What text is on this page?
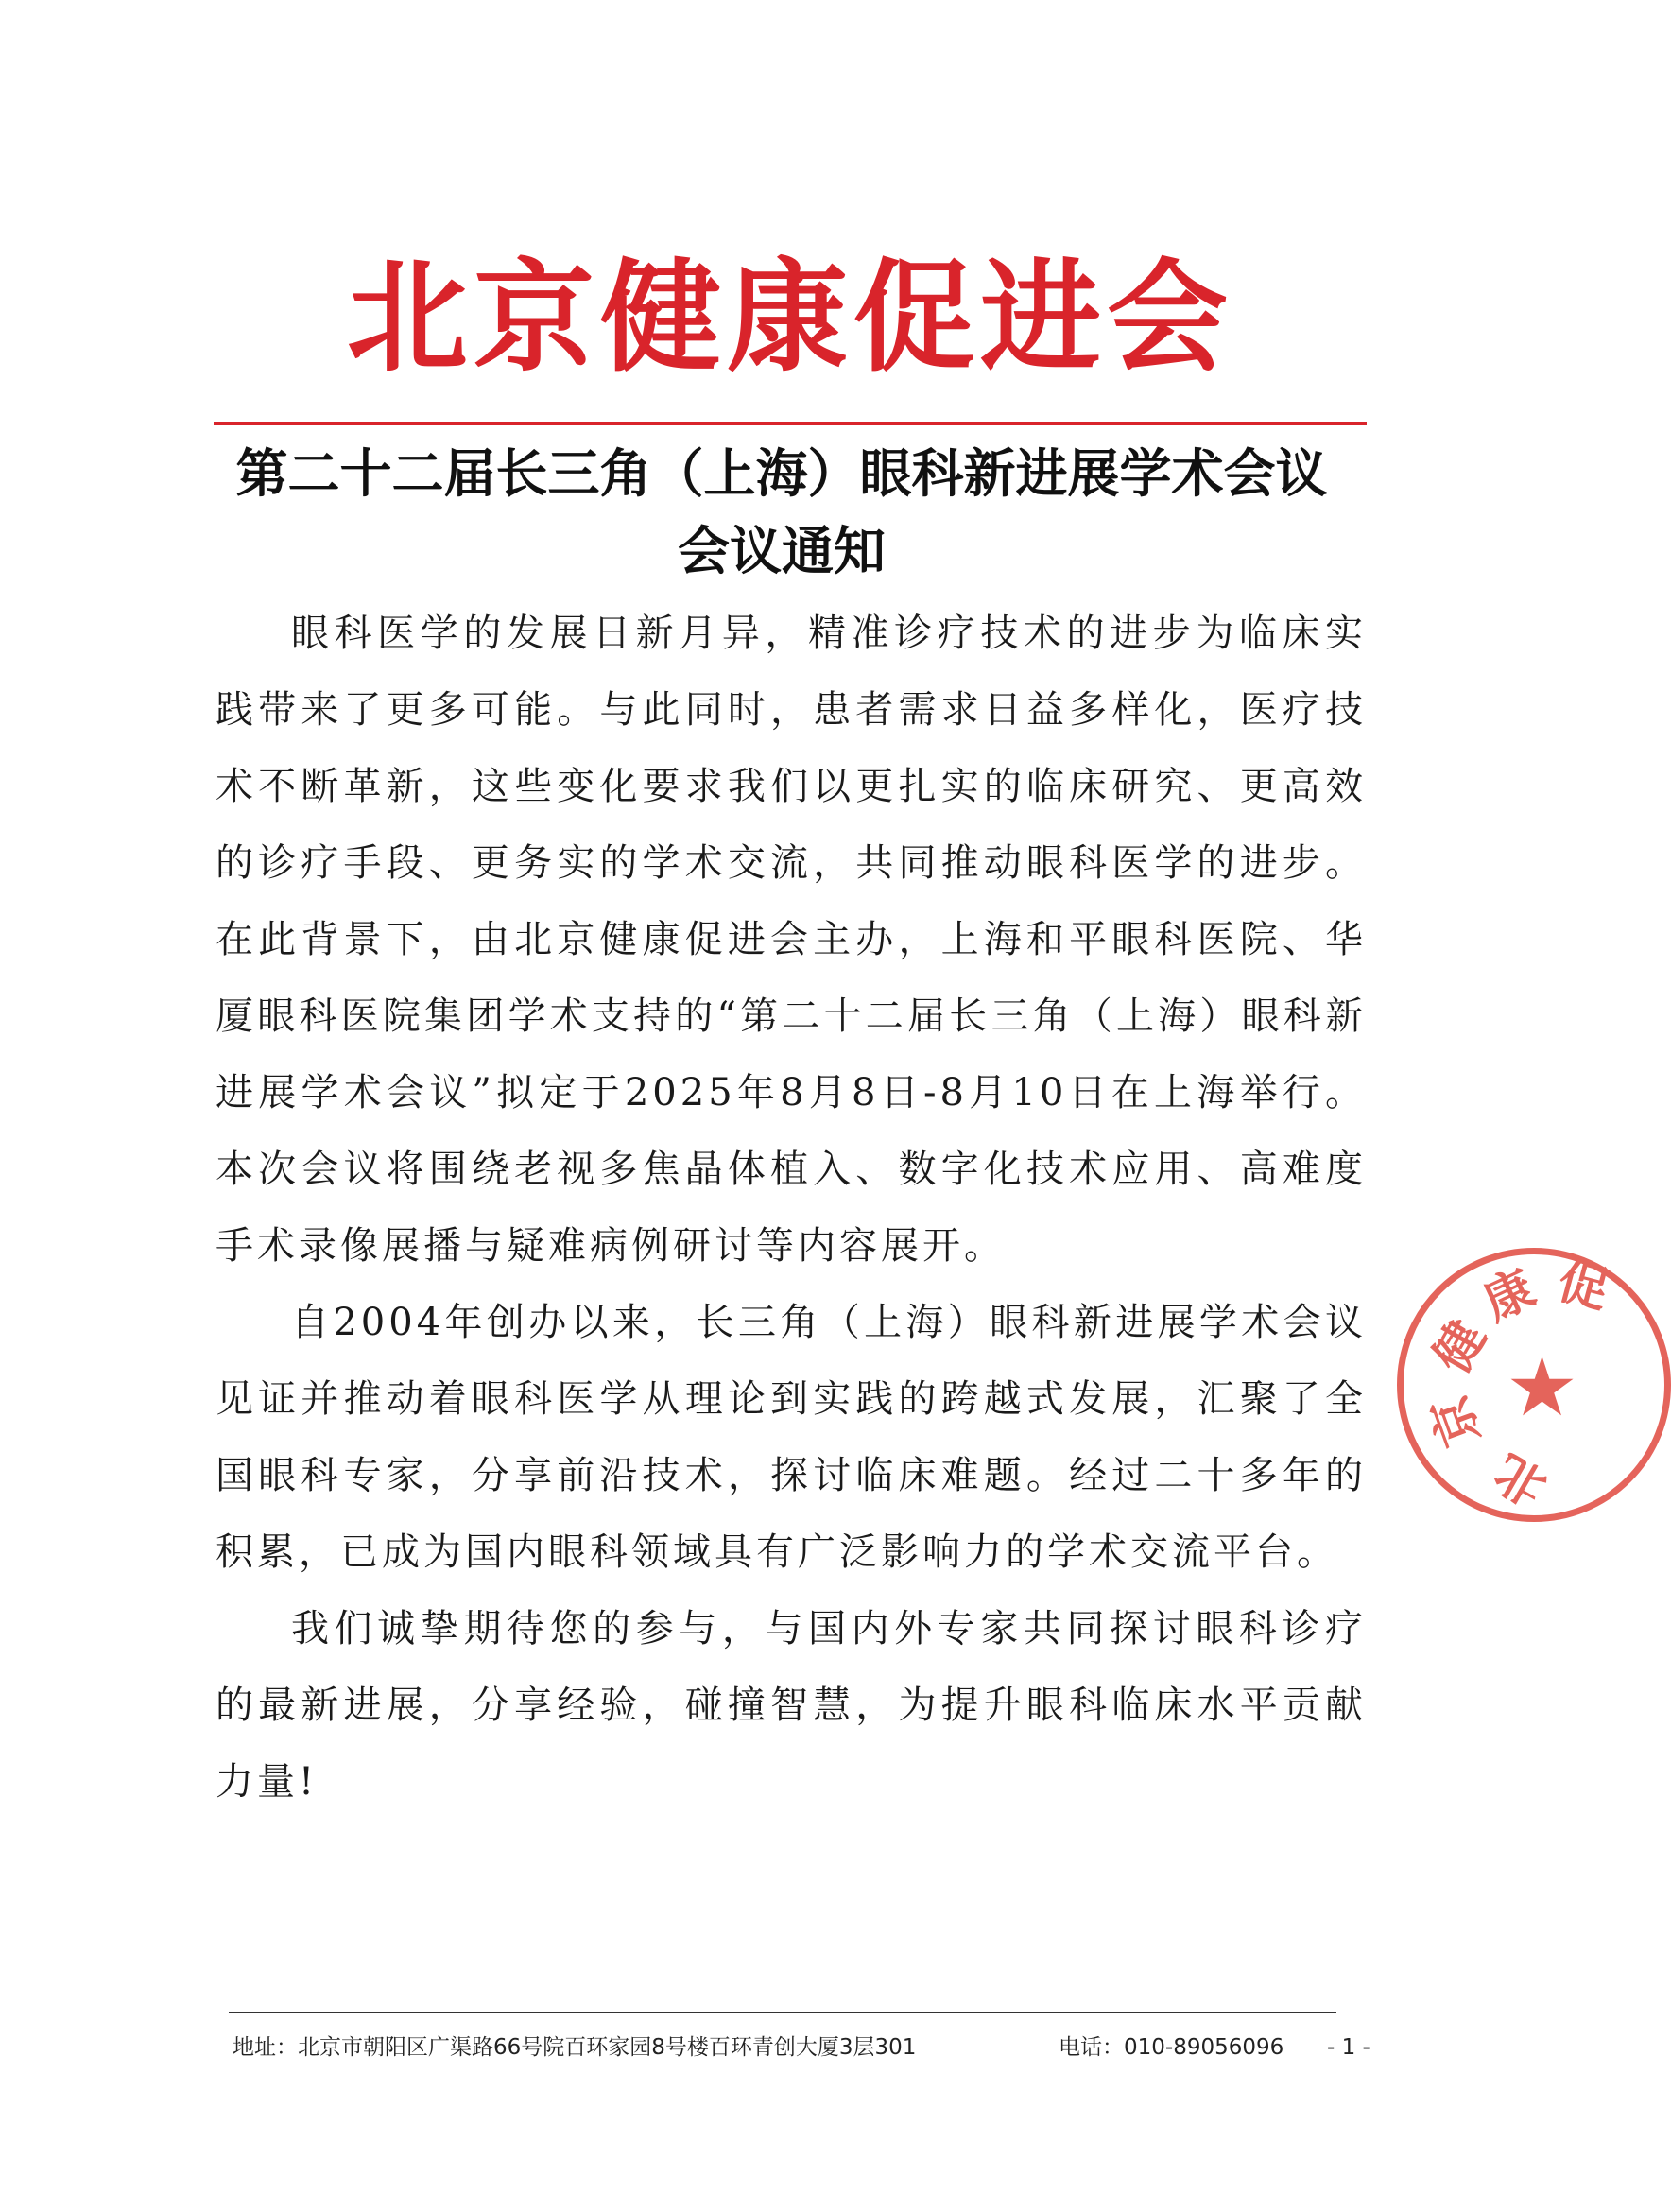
北京健康促进会
第二十二届长三角（上海）眼科新进展学术会议
会议通知

眼科医学的发展日新月异，精准诊疗技术的进步为临床实践带来了更多可能。与此同时，患者需求日益多样化，医疗技术不断革新，这些变化要求我们以更扎实的临床研究、更高效的诊疗手段、更务实的学术交流，共同推动眼科医学的进步。在此背景下，由北京健康促进会主办，上海和平眼科医院、华厦眼科医院集团学术支持的“第二十二届长三角（上海）眼科新进展学术会议”拟定于2025年8月8日-8月10日在上海举行。本次会议将围绕老视多焦晶体植入、数字化技术应用、高难度手术录像展播与疑难病例研讨等内容展开。

自2004年创办以来，长三角（上海）眼科新进展学术会议见证并推动着眼科医学从理论到实践的跨越式发展，汇聚了全国眼科专家，分享前沿技术，探讨临床难题。经过二十多年的积累，已成为国内眼科领域具有广泛影响力的学术交流平台。

我们诚挚期待您的参与，与国内外专家共同探讨眼科诊疗的最新进展，分享经验，碰撞智慧，为提升眼科临床水平贡献力量!

★
北
京
健
康 促
地址：北京市朝阳区广渠路66号院百环家园8号楼百环青创大厦3层301	电话：010-89056096 - 1 -
